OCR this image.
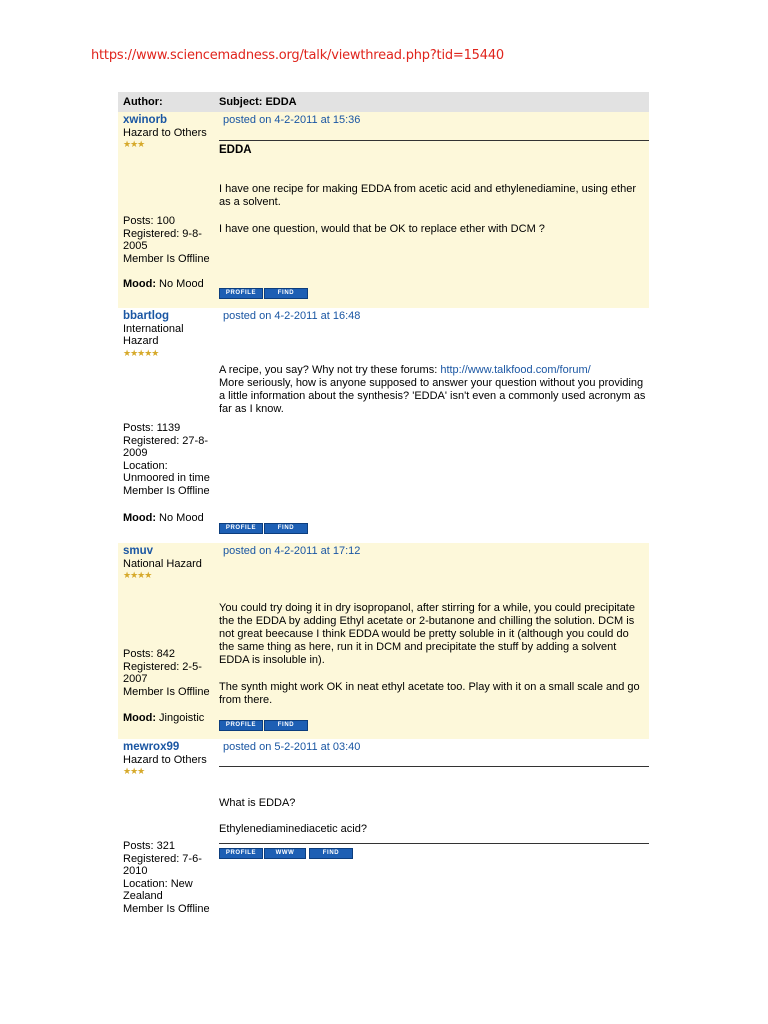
https://www.sciencemadness.org/talk/viewthread.php?tid=15440
Author:	Subject: EDDA
xwinorb
Hazard to Others
★★★
Posts: 100
Registered: 9-8-
2005
Member Is Offline
Mood: No Mood
posted on 4-2-2011 at 15:36
EDDA
I have one recipe for making EDDA from acetic acid and ethylenediamine, using ether as a solvent.
I have one question, would that be OK to replace ether with DCM ?
PROFILE	FIND
bbartlog
International
Hazard
★★★★★
Posts: 1139
Registered: 27-8-
2009
Location:
Unmoored in time
Member Is Offline
Mood: No Mood
posted on 4-2-2011 at 16:48
A recipe, you say? Why not try these forums: http://www.talkfood.com/forum/
More seriously, how is anyone supposed to answer your question without you providing a little information about the synthesis? 'EDDA' isn't even a commonly used acronym as far as I know.
PROFILE	FIND
smuv
National Hazard
★★★★
Posts: 842
Registered: 2-5-
2007
Member Is Offline
Mood: Jingoistic
posted on 4-2-2011 at 17:12
You could try doing it in dry isopropanol, after stirring for a while, you could precipitate the the EDDA by adding Ethyl acetate or 2-butanone and chilling the solution. DCM is not great beecause I think EDDA would be pretty soluble in it (although you could do the same thing as here, run it in DCM and precipitate the stuff by adding a solvent EDDA is insoluble in).
The synth might work OK in neat ethyl acetate too. Play with it on a small scale and go from there.
PROFILE	FIND
mewrox99
Hazard to Others
★★★
Posts: 321
Registered: 7-6-
2010
Location: New
Zealand
Member Is Offline
posted on 5-2-2011 at 03:40
What is EDDA?
Ethylenediaminediacetic acid?
PROFILE	WWW	FIND
